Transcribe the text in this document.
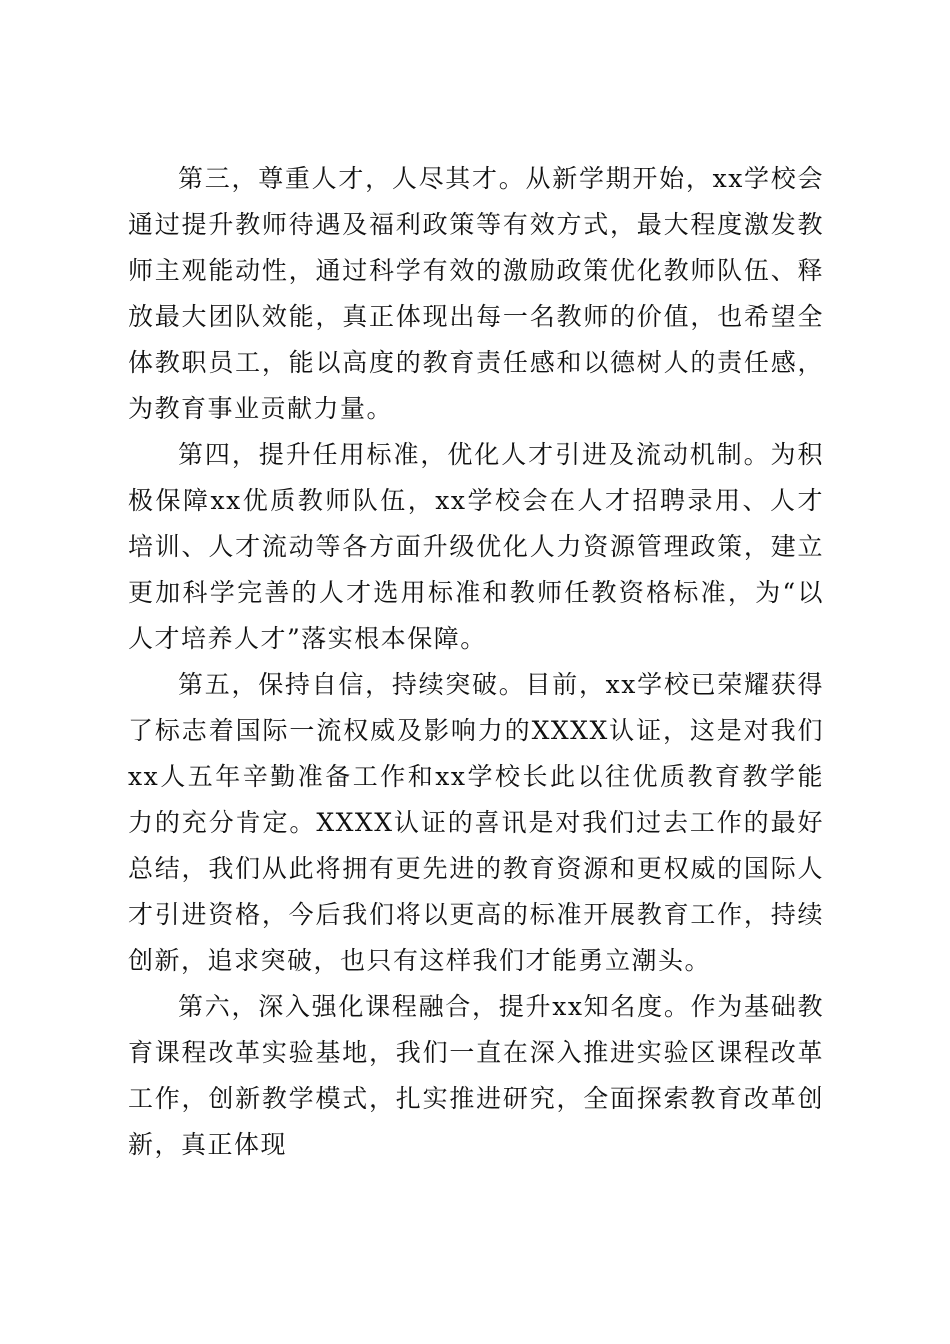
第三，尊重人才，人尽其才。从新学期开始，xx学校会通过提升教师待遇及福利政策等有效方式，最大程度激发教师主观能动性，通过科学有效的激励政策优化教师队伍、释放最大团队效能，真正体现出每一名教师的价值，也希望全体教职员工，能以高度的教育责任感和以德树人的责任感，为教育事业贡献力量。

第四，提升任用标准，优化人才引进及流动机制。为积极保障xx优质教师队伍，xx学校会在人才招聘录用、人才培训、人才流动等各方面升级优化人力资源管理政策，建立更加科学完善的人才选用标准和教师任教资格标准，为“以人才培养人才”落实根本保障。

第五，保持自信，持续突破。目前，xx学校已荣耀获得了标志着国际一流权威及影响力的XXXX认证，这是对我们xx人五年辛勤准备工作和xx学校长此以往优质教育教学能力的充分肯定。XXXX认证的喜讯是对我们过去工作的最好总结，我们从此将拥有更先进的教育资源和更权威的国际人才引进资格，今后我们将以更高的标准开展教育工作，持续创新，追求突破，也只有这样我们才能勇立潮头。

第六，深入强化课程融合，提升xx知名度。作为基础教育课程改革实验基地，我们一直在深入推进实验区课程改革工作，创新教学模式，扎实推进研究，全面探索教育改革创新，真正体现
